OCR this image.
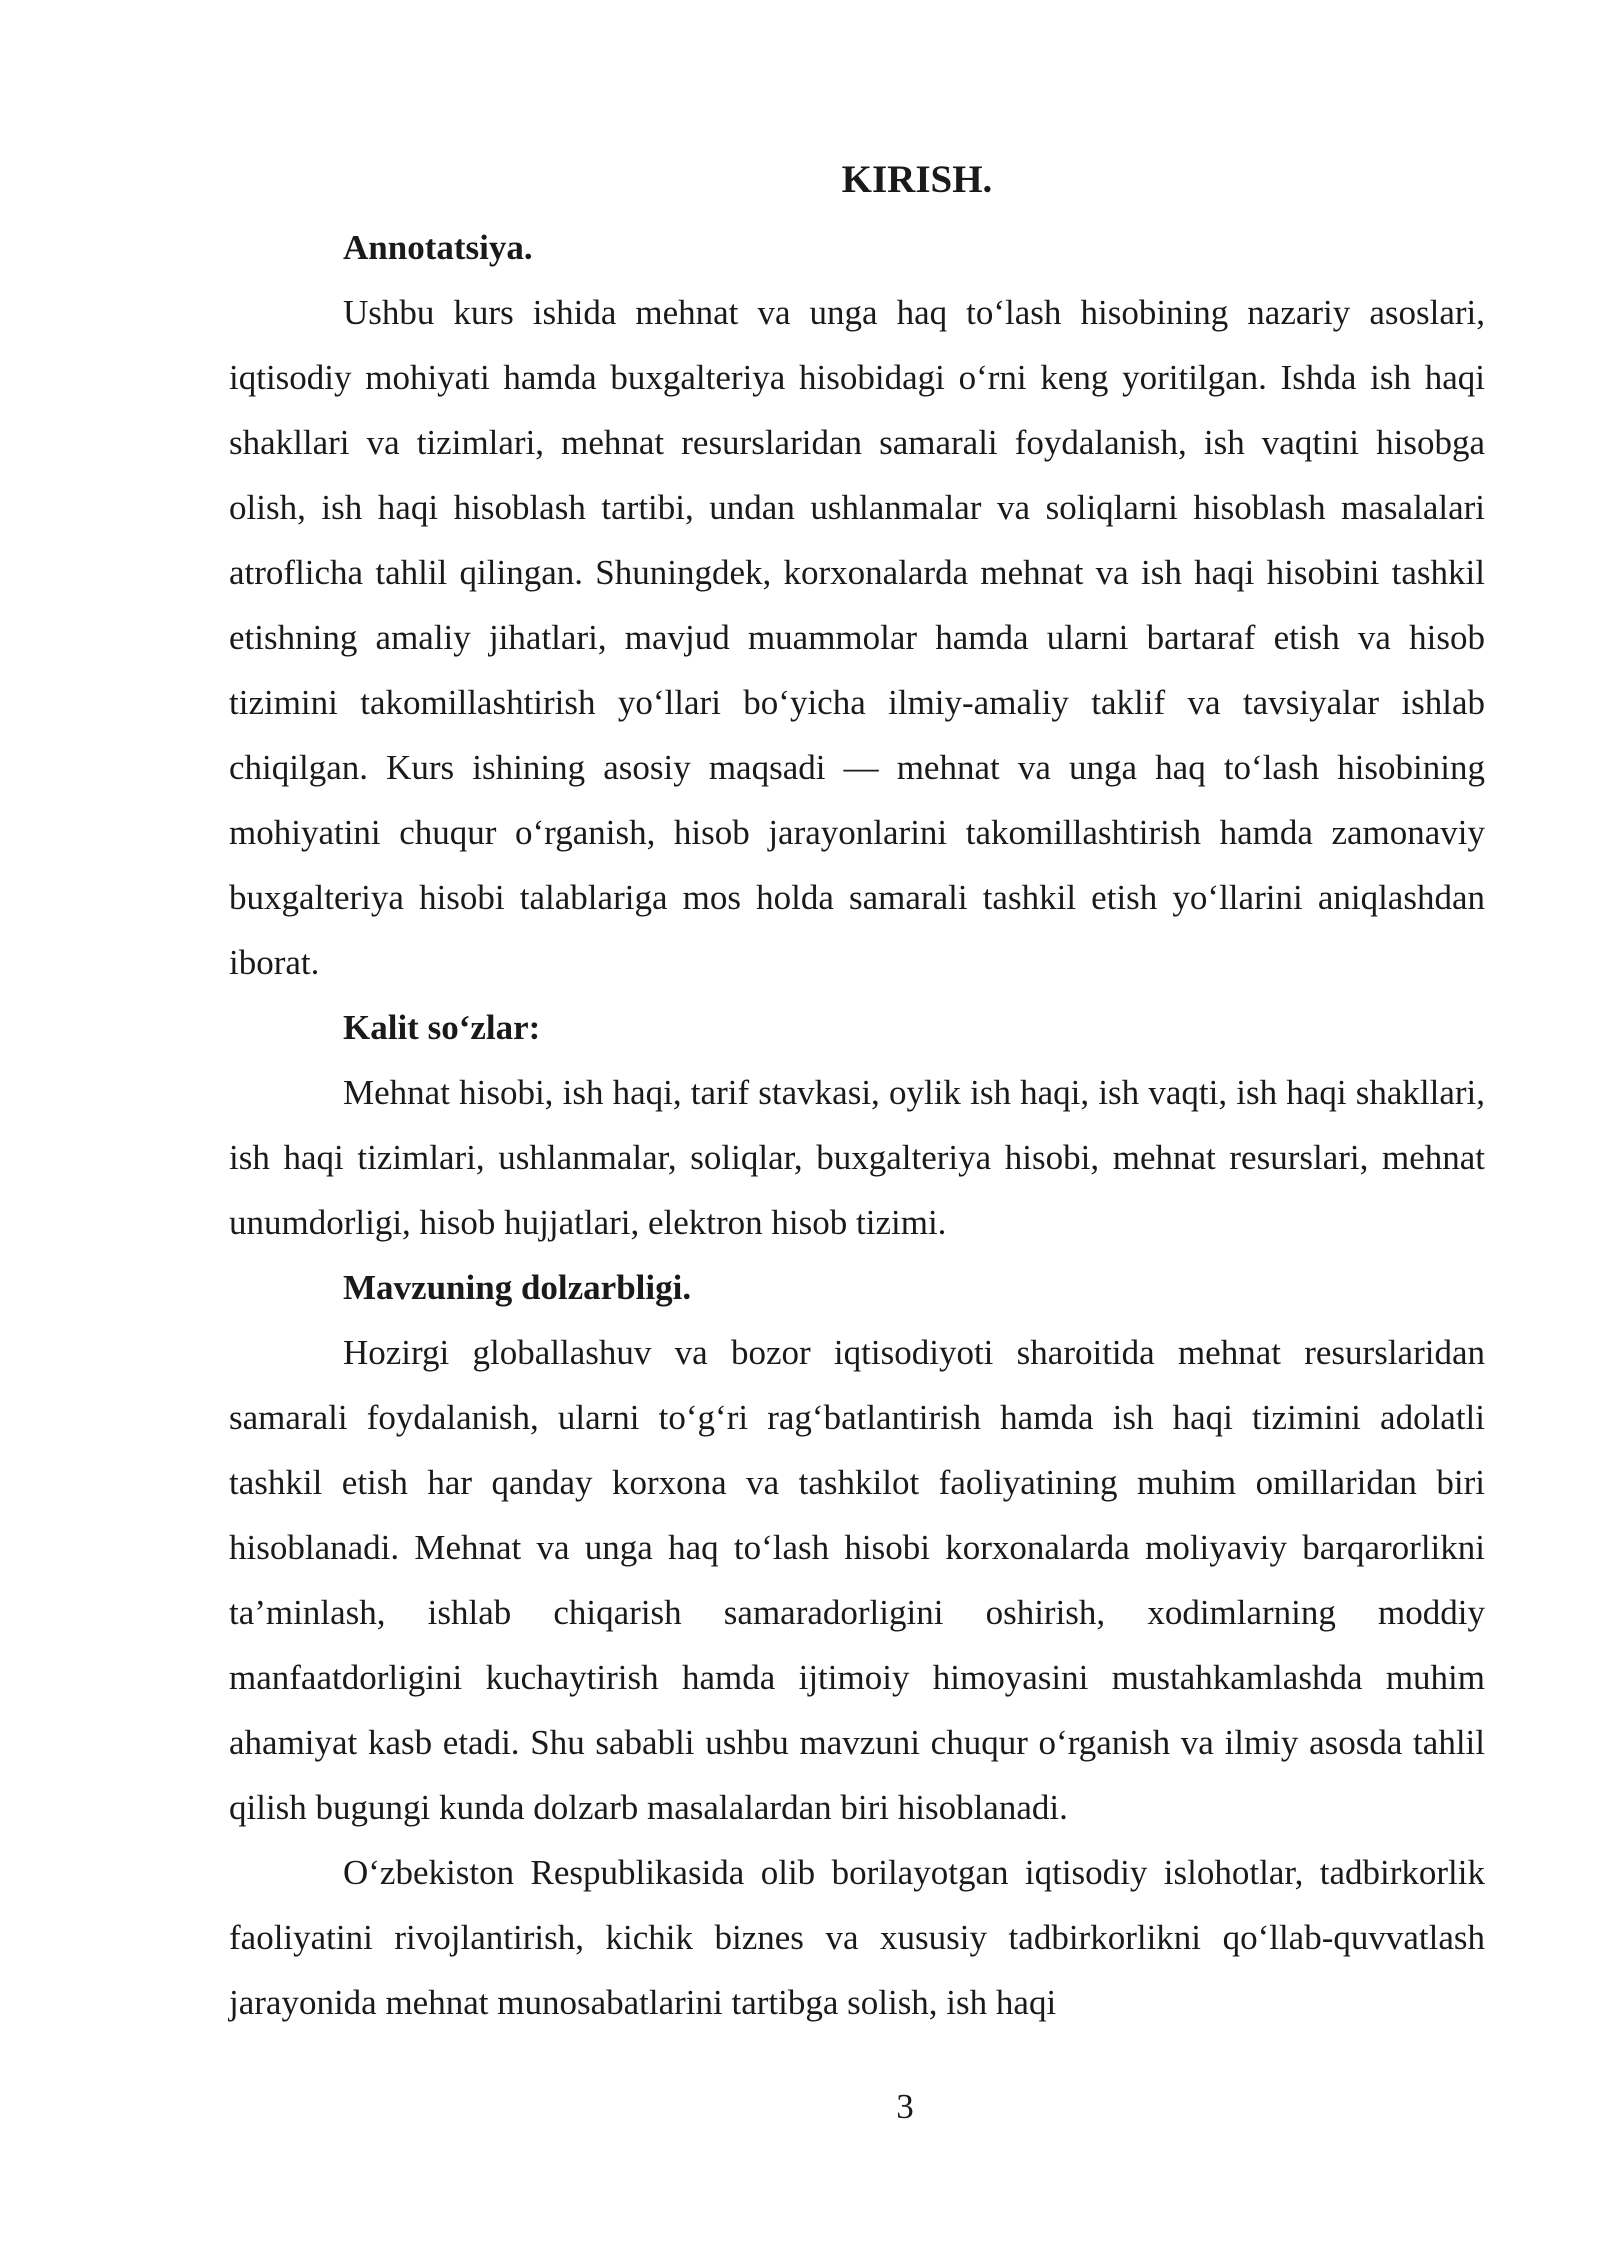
KIRISH.
Annotatsiya.

Ushbu kurs ishida mehnat va unga haq to‘lash hisobining nazariy asoslari, iqtisodiy mohiyati hamda buxgalteriya hisobidagi o‘rni keng yoritilgan. Ishda ish haqi shakllari va tizimlari, mehnat resurslaridan samarali foydalanish, ish vaqtini hisobga olish, ish haqi hisoblash tartibi, undan ushlanmalar va soliqlarni hisoblash masalalari atroflicha tahlil qilingan. Shuningdek, korxonalarda mehnat va ish haqi hisobini tashkil etishning amaliy jihatlari, mavjud muammolar hamda ularni bartaraf etish va hisob tizimini takomillashtirish yo‘llari bo‘yicha ilmiy-amaliy taklif va tavsiyalar ishlab chiqilgan. Kurs ishining asosiy maqsadi — mehnat va unga haq to‘lash hisobining mohiyatini chuqur o‘rganish, hisob jarayonlarini takomillashtirish hamda zamonaviy buxgalteriya hisobi talablariga mos holda samarali tashkil etish yo‘llarini aniqlashdan iborat.

Kalit so‘zlar:

Mehnat hisobi, ish haqi, tarif stavkasi, oylik ish haqi, ish vaqti, ish haqi shakllari, ish haqi tizimlari, ushlanmalar, soliqlar, buxgalteriya hisobi, mehnat resurslari, mehnat unumdorligi, hisob hujjatlari, elektron hisob tizimi.

Mavzuning dolzarbligi.

Hozirgi globallashuv va bozor iqtisodiyoti sharoitida mehnat resurslaridan samarali foydalanish, ularni to‘g‘ri rag‘batlantirish hamda ish haqi tizimini adolatli tashkil etish har qanday korxona va tashkilot faoliyatining muhim omillaridan biri hisoblanadi. Mehnat va unga haq to‘lash hisobi korxonalarda moliyaviy barqarorlikni ta’minlash, ishlab chiqarish samaradorligini oshirish, xodimlarning moddiy manfaatdorligini kuchaytirish hamda ijtimoiy himoyasini mustahkamlashda muhim ahamiyat kasb etadi. Shu sababli ushbu mavzuni chuqur o‘rganish va ilmiy asosda tahlil qilish bugungi kunda dolzarb masalalardan biri hisoblanadi.

O‘zbekiston Respublikasida olib borilayotgan iqtisodiy islohotlar, tadbirkorlik faoliyatini rivojlantirish, kichik biznes va xususiy tadbirkorlikni qo‘llab-quvvatlash jarayonida mehnat munosabatlarini tartibga solish, ish haqi

3
